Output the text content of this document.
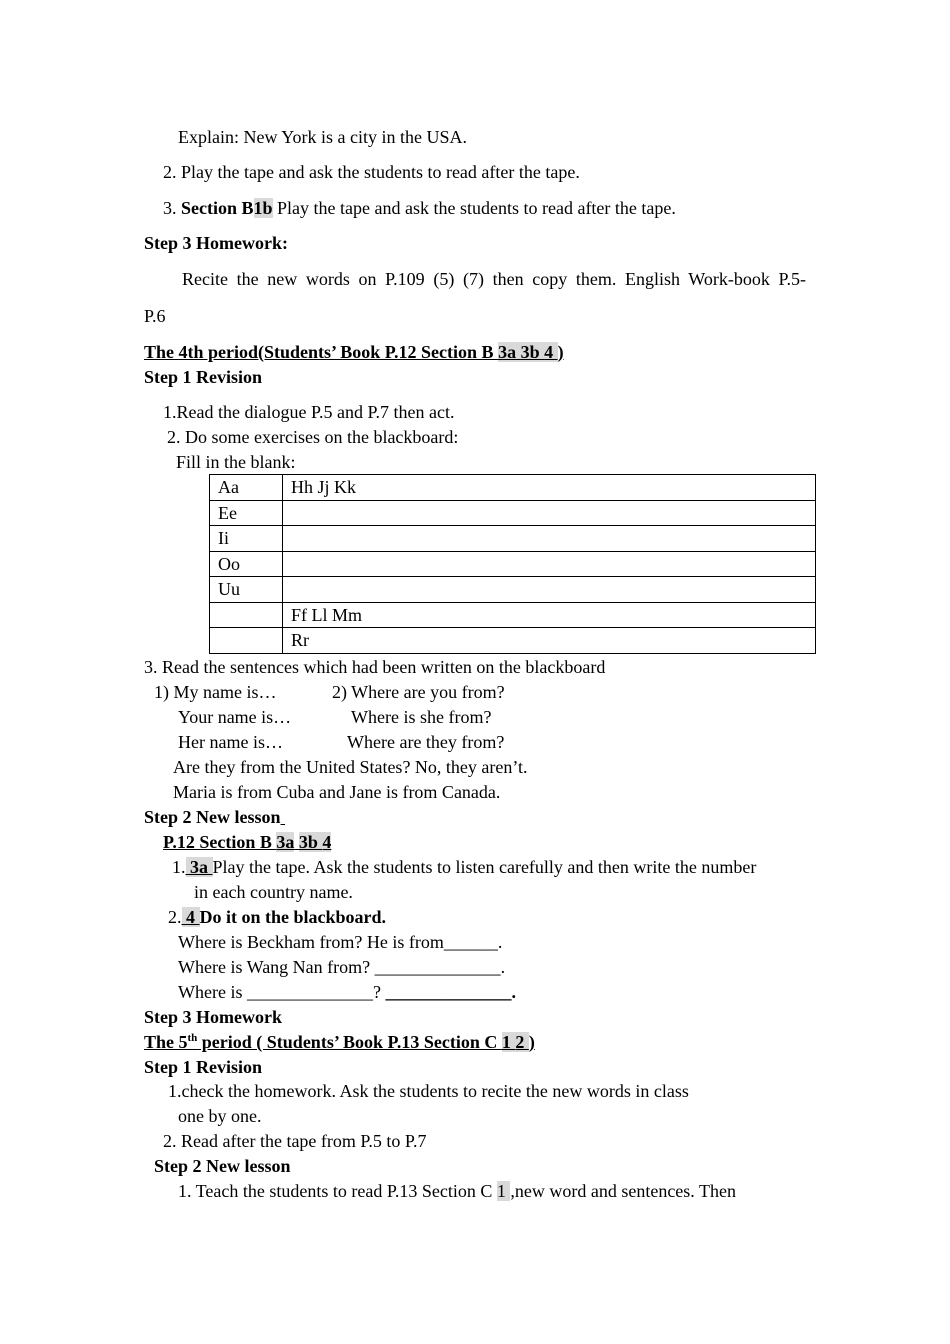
Explain: New York is a city in the USA.
2. Play the tape and ask the students to read after the tape.
3. Section B1b Play the tape and ask the students to read after the tape.
Step 3 Homework:
Recite the new words on P.109 (5) (7) then copy them. English Work-book P.5-
P.6
The 4th period(Students’ Book P.12 Section B 3a 3b 4 )
Step 1 Revision
1.Read the dialogue P.5 and P.7 then act.
2. Do some exercises on the blackboard:
Fill in the blank:
Aa	Hh Jj Kk
Ee	
Ii	
Oo	
Uu	
	Ff Ll Mm
	Rr
3. Read the sentences which had been written on the blackboard
1) My name is…	2) Where are you from?
Your name is…	Where is she from?
Her name is…	Where are they from?
Are they from the United States? No, they aren’t.
Maria is from Cuba and Jane is from Canada.
Step 2 New lesson
P.12 Section B 3a 3b 4
1. 3a Play the tape. Ask the students to listen carefully and then write the number
in each country name.
2. 4 Do it on the blackboard.
Where is Beckham from? He is from______.
Where is Wang Nan from? ______________.
Where is ______________? ______________.
Step 3 Homework
The 5th period ( Students’ Book P.13 Section C 1 2 )
Step 1 Revision
1.check the homework. Ask the students to recite the new words in class
one by one.
2. Read after the tape from P.5 to P.7
Step 2 New lesson
1. Teach the students to read P.13 Section C 1 ,new word and sentences. Then
